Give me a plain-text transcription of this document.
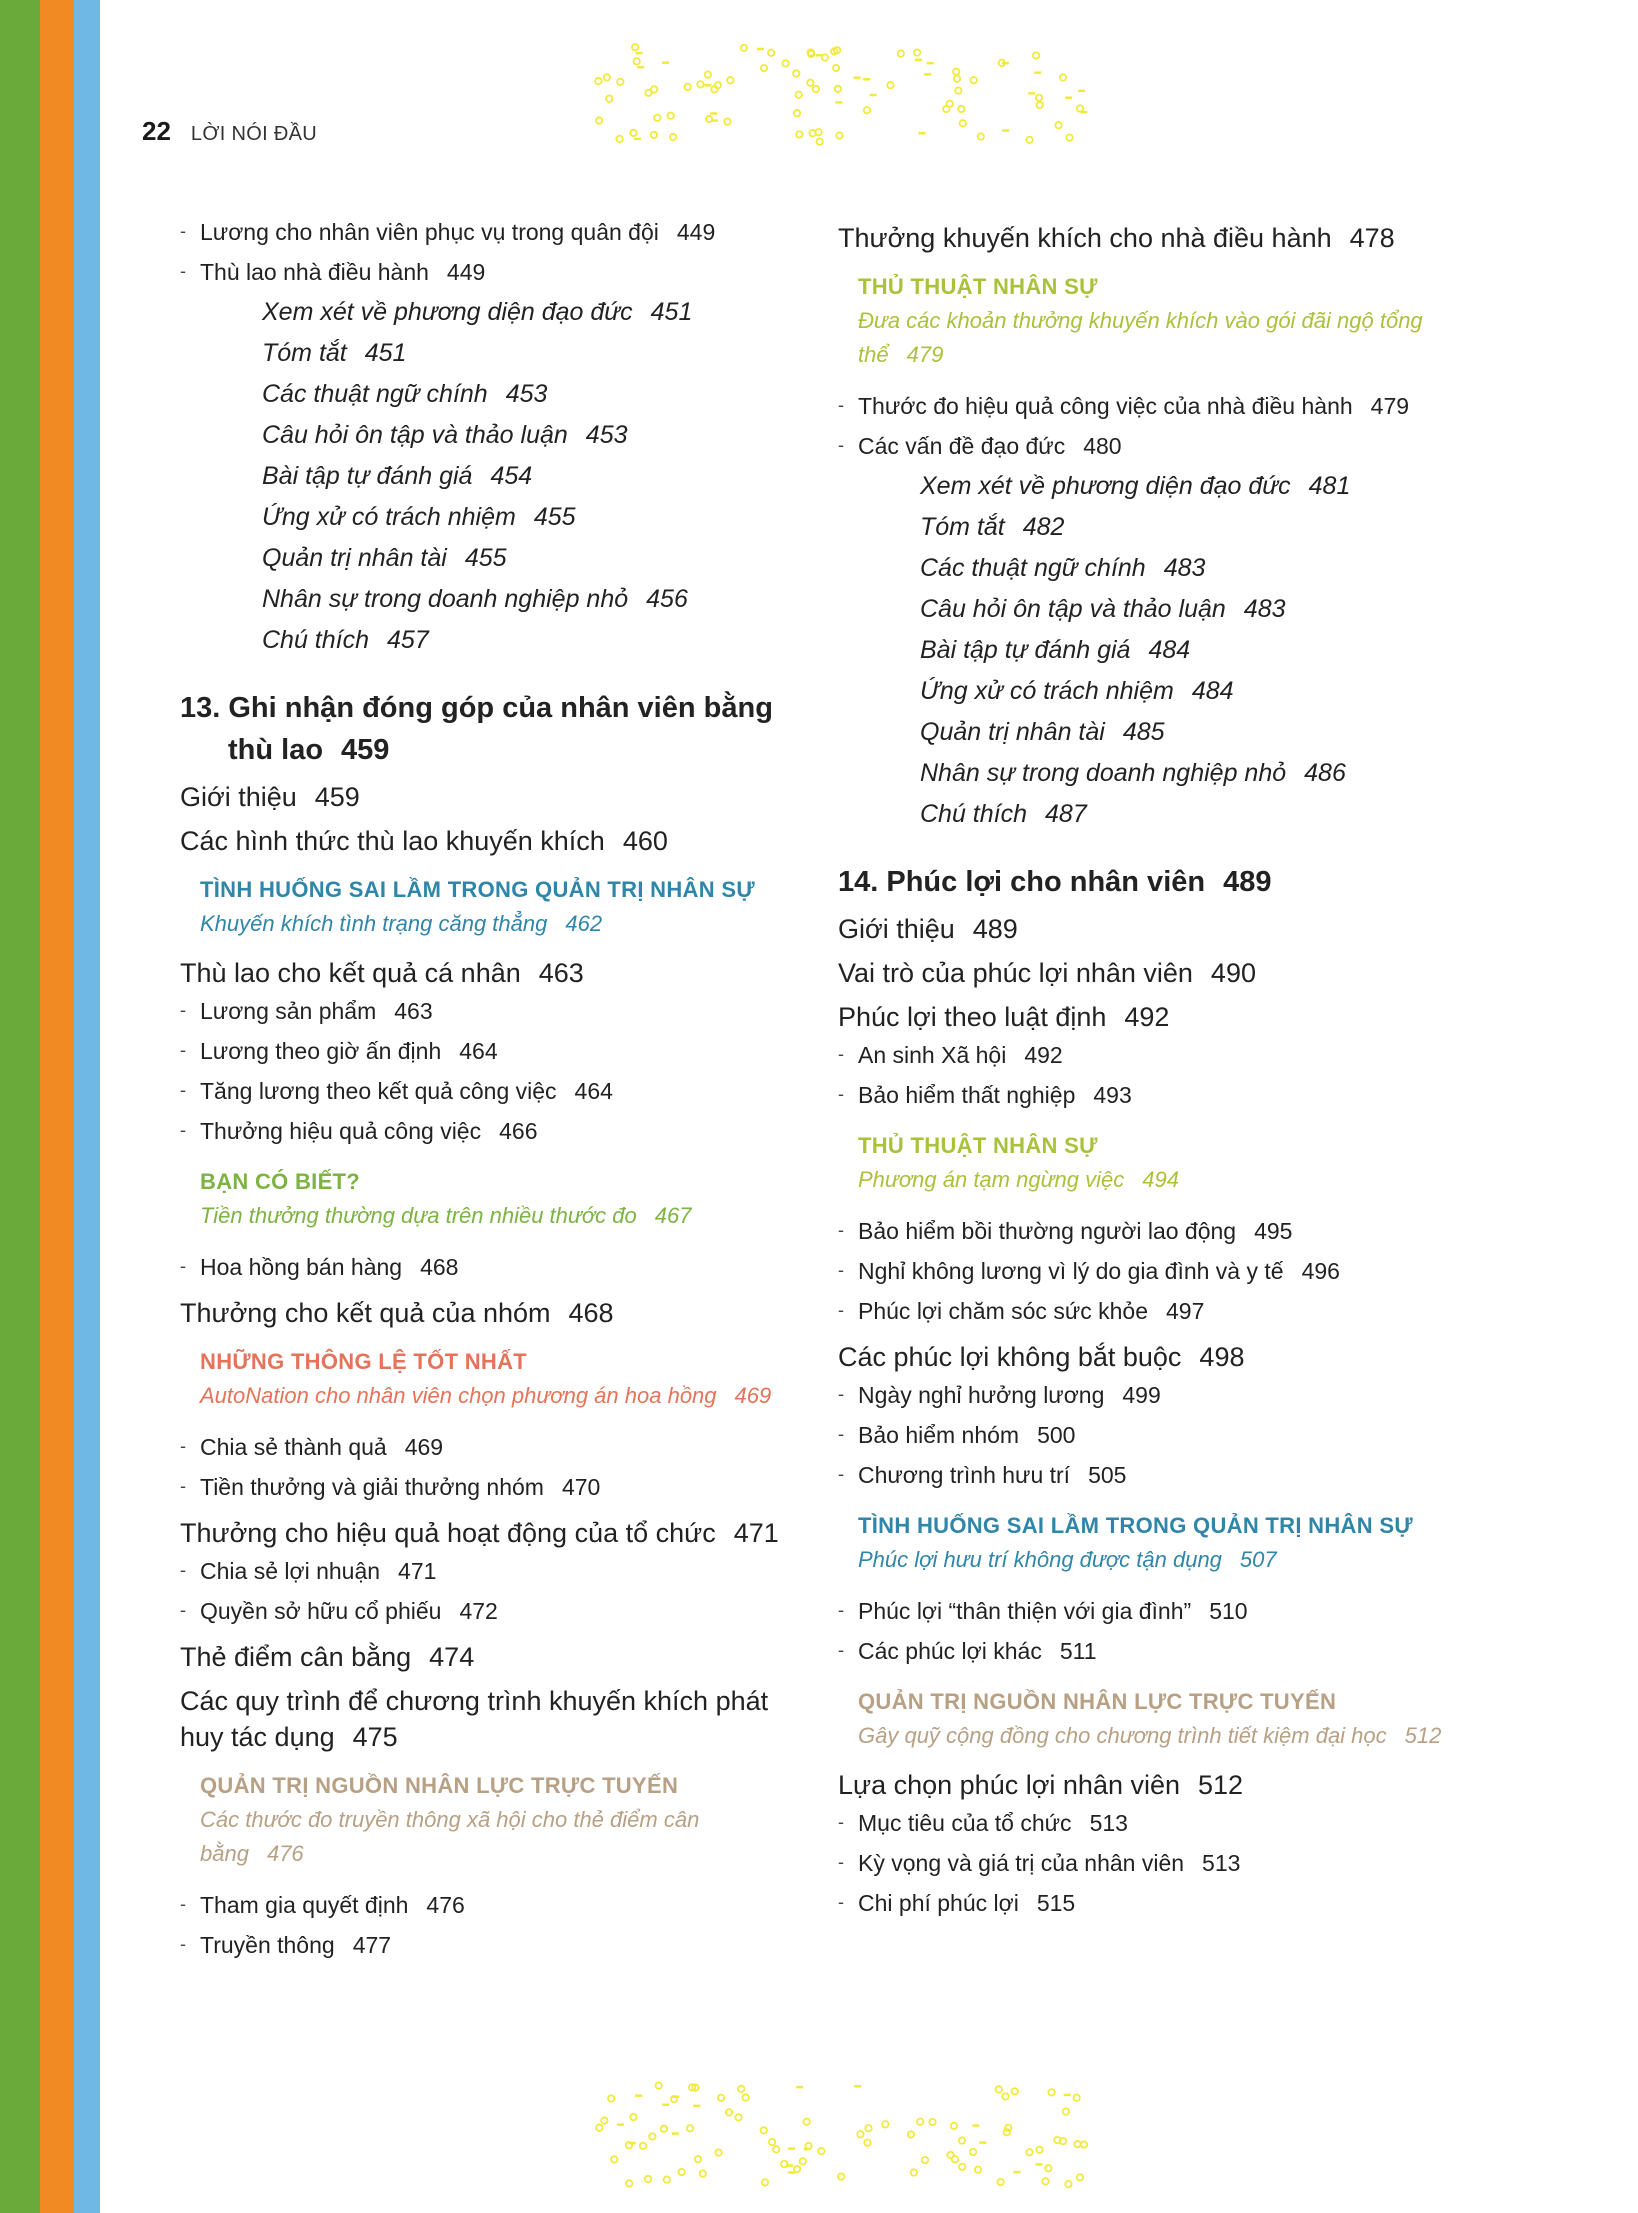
22 LỜI NÓI ĐẦU
- Lương cho nhân viên phục vụ trong quân đội 449
- Thù lao nhà điều hành 449
Xem xét về phương diện đạo đức 451
Tóm tắt 451
Các thuật ngữ chính 453
Câu hỏi ôn tập và thảo luận 453
Bài tập tự đánh giá 454
Ứng xử có trách nhiệm 455
Quản trị nhân tài 455
Nhân sự trong doanh nghiệp nhỏ 456
Chú thích 457
13. Ghi nhận đóng góp của nhân viên bằng thù lao 459
Giới thiệu 459
Các hình thức thù lao khuyến khích 460
TÌNH HUỐNG SAI LẦM TRONG QUẢN TRỊ NHÂN SỰ
Khuyến khích tình trạng căng thẳng 462
Thù lao cho kết quả cá nhân 463
- Lương sản phẩm 463
- Lương theo giờ ấn định 464
- Tăng lương theo kết quả công việc 464
- Thưởng hiệu quả công việc 466
BẠN CÓ BIẾT?
Tiền thưởng thường dựa trên nhiều thước đo 467
- Hoa hồng bán hàng 468
Thưởng cho kết quả của nhóm 468
NHỮNG THÔNG LỆ TỐT NHẤT
AutoNation cho nhân viên chọn phương án hoa hồng 469
- Chia sẻ thành quả 469
- Tiền thưởng và giải thưởng nhóm 470
Thưởng cho hiệu quả hoạt động của tổ chức 471
- Chia sẻ lợi nhuận 471
- Quyền sở hữu cổ phiếu 472
Thẻ điểm cân bằng 474
Các quy trình để chương trình khuyến khích phát huy tác dụng 475
QUẢN TRỊ NGUỒN NHÂN LỰC TRỰC TUYẾN
Các thước đo truyền thông xã hội cho thẻ điểm cân bằng 476
- Tham gia quyết định 476
- Truyền thông 477
Thưởng khuyến khích cho nhà điều hành 478
THỦ THUẬT NHÂN SỰ
Đưa các khoản thưởng khuyến khích vào gói đãi ngộ tổng thể 479
- Thước đo hiệu quả công việc của nhà điều hành 479
- Các vấn đề đạo đức 480
Xem xét về phương diện đạo đức 481
Tóm tắt 482
Các thuật ngữ chính 483
Câu hỏi ôn tập và thảo luận 483
Bài tập tự đánh giá 484
Ứng xử có trách nhiệm 484
Quản trị nhân tài 485
Nhân sự trong doanh nghiệp nhỏ 486
Chú thích 487
14. Phúc lợi cho nhân viên 489
Giới thiệu 489
Vai trò của phúc lợi nhân viên 490
Phúc lợi theo luật định 492
- An sinh Xã hội 492
- Bảo hiểm thất nghiệp 493
THỦ THUẬT NHÂN SỰ
Phương án tạm ngừng việc 494
- Bảo hiểm bồi thường người lao động 495
- Nghỉ không lương vì lý do gia đình và y tế 496
- Phúc lợi chăm sóc sức khỏe 497
Các phúc lợi không bắt buộc 498
- Ngày nghỉ hưởng lương 499
- Bảo hiểm nhóm 500
- Chương trình hưu trí 505
TÌNH HUỐNG SAI LẦM TRONG QUẢN TRỊ NHÂN SỰ
Phúc lợi hưu trí không được tận dụng 507
- Phúc lợi “thân thiện với gia đình” 510
- Các phúc lợi khác 511
QUẢN TRỊ NGUỒN NHÂN LỰC TRỰC TUYẾN
Gây quỹ cộng đồng cho chương trình tiết kiệm đại học 512
Lựa chọn phúc lợi nhân viên 512
- Mục tiêu của tổ chức 513
- Kỳ vọng và giá trị của nhân viên 513
- Chi phí phúc lợi 515
